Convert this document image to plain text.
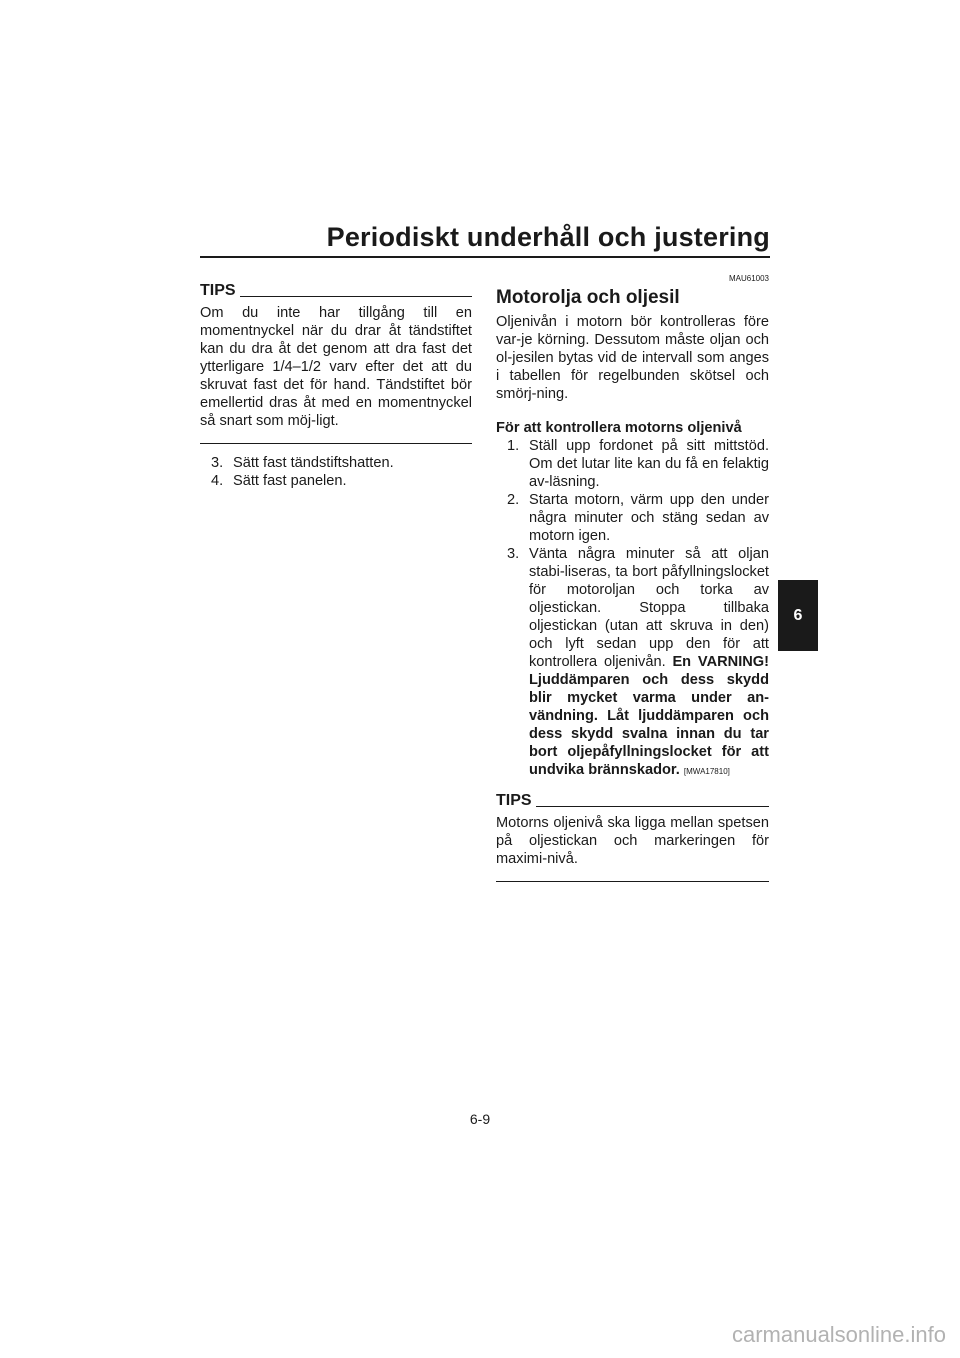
Periodiskt underhåll och justering
TIPS

Om du inte har tillgång till en momentnyckel när du drar åt tändstiftet kan du dra åt det genom att dra fast det ytterligare 1/4–1/2 varv efter det att du skruvat fast det för hand. Tändstiftet bör emellertid dras åt med en momentnyckel så snart som möj-ligt.

3. Sätt fast tändstiftshatten.
4. Sätt fast panelen.
MAU61003
Motorolja och oljesil

Oljenivån i motorn bör kontrolleras före var-je körning. Dessutom måste oljan och ol-jesilen bytas vid de intervall som anges i tabellen för regelbunden skötsel och smörj-ning.

För att kontrollera motorns oljenivå

1. Ställ upp fordonet på sitt mittstöd. Om det lutar lite kan du få en felaktig av-läsning.
2. Starta motorn, värm upp den under några minuter och stäng sedan av motorn igen.
3. Vänta några minuter så att oljan stabi-liseras, ta bort påfyllningslocket för motoroljan och torka av oljestickan. Stoppa tillbaka oljestickan (utan att skruva in den) och lyft sedan upp den för att kontrollera oljenivån. En VARNING! Ljuddämparen och dess skydd blir mycket varma under an-vändning. Låt ljuddämparen och dess skydd svalna innan du tar bort oljepåfyllningslocket för att undvika brännskador. [MWA17810]
TIPS

Motorns oljenivå ska ligga mellan spetsen på oljestickan och markeringen för maximi-nivå.

6
6-9
carmanualsonline.info
